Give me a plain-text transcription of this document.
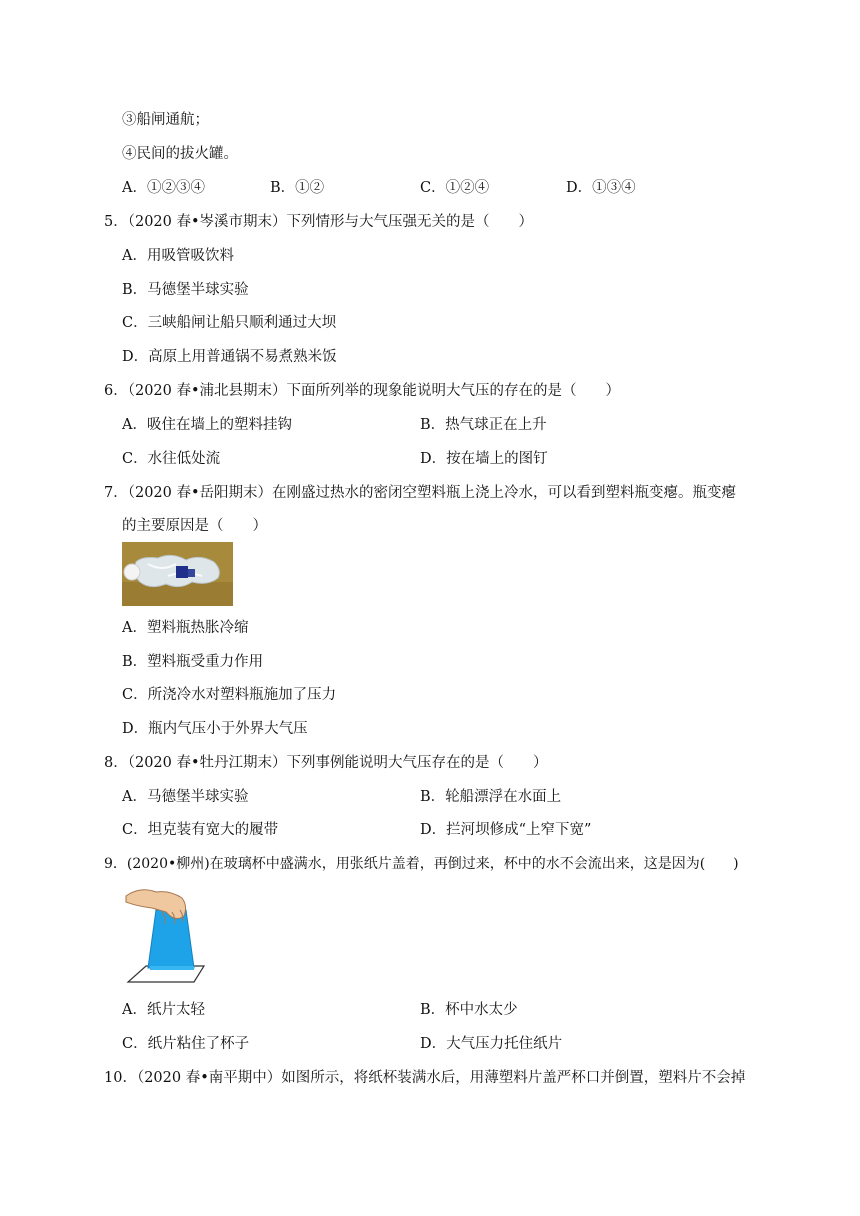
③船闸通航；
④民间的拔火罐。
A．①②③④	B．①②	C．①②④	D．①③④
5．（2020 春•岑溪市期末）下列情形与大气压强无关的是（　　）
A．用吸管吸饮料
B．马德堡半球实验
C．三峡船闸让船只顺利通过大坝
D．高原上用普通锅不易煮熟米饭
6．（2020 春•浦北县期末）下面所列举的现象能说明大气压的存在的是（　　）
A．吸住在墙上的塑料挂钩	B．热气球正在上升
C．水往低处流	D．按在墙上的图钉
7．（2020 春•岳阳期末）在刚盛过热水的密闭空塑料瓶上浇上冷水，可以看到塑料瓶变瘪。瓶变瘪
的主要原因是（　　）
A．塑料瓶热胀冷缩
B．塑料瓶受重力作用
C．所浇冷水对塑料瓶施加了压力
D．瓶内气压小于外界大气压
8．（2020 春•牡丹江期末）下列事例能说明大气压存在的是（　　）
A．马德堡半球实验	B．轮船漂浮在水面上
C．坦克装有宽大的履带	D．拦河坝修成“上窄下宽”
9．(2020•柳州)在玻璃杯中盛满水，用张纸片盖着，再倒过来，杯中的水不会流出来，这是因为(　　)
A．纸片太轻	B．杯中水太少
C．纸片粘住了杯子	D．大气压力托住纸片
10．（2020 春•南平期中）如图所示，将纸杯装满水后，用薄塑料片盖严杯口并倒置，塑料片不会掉
